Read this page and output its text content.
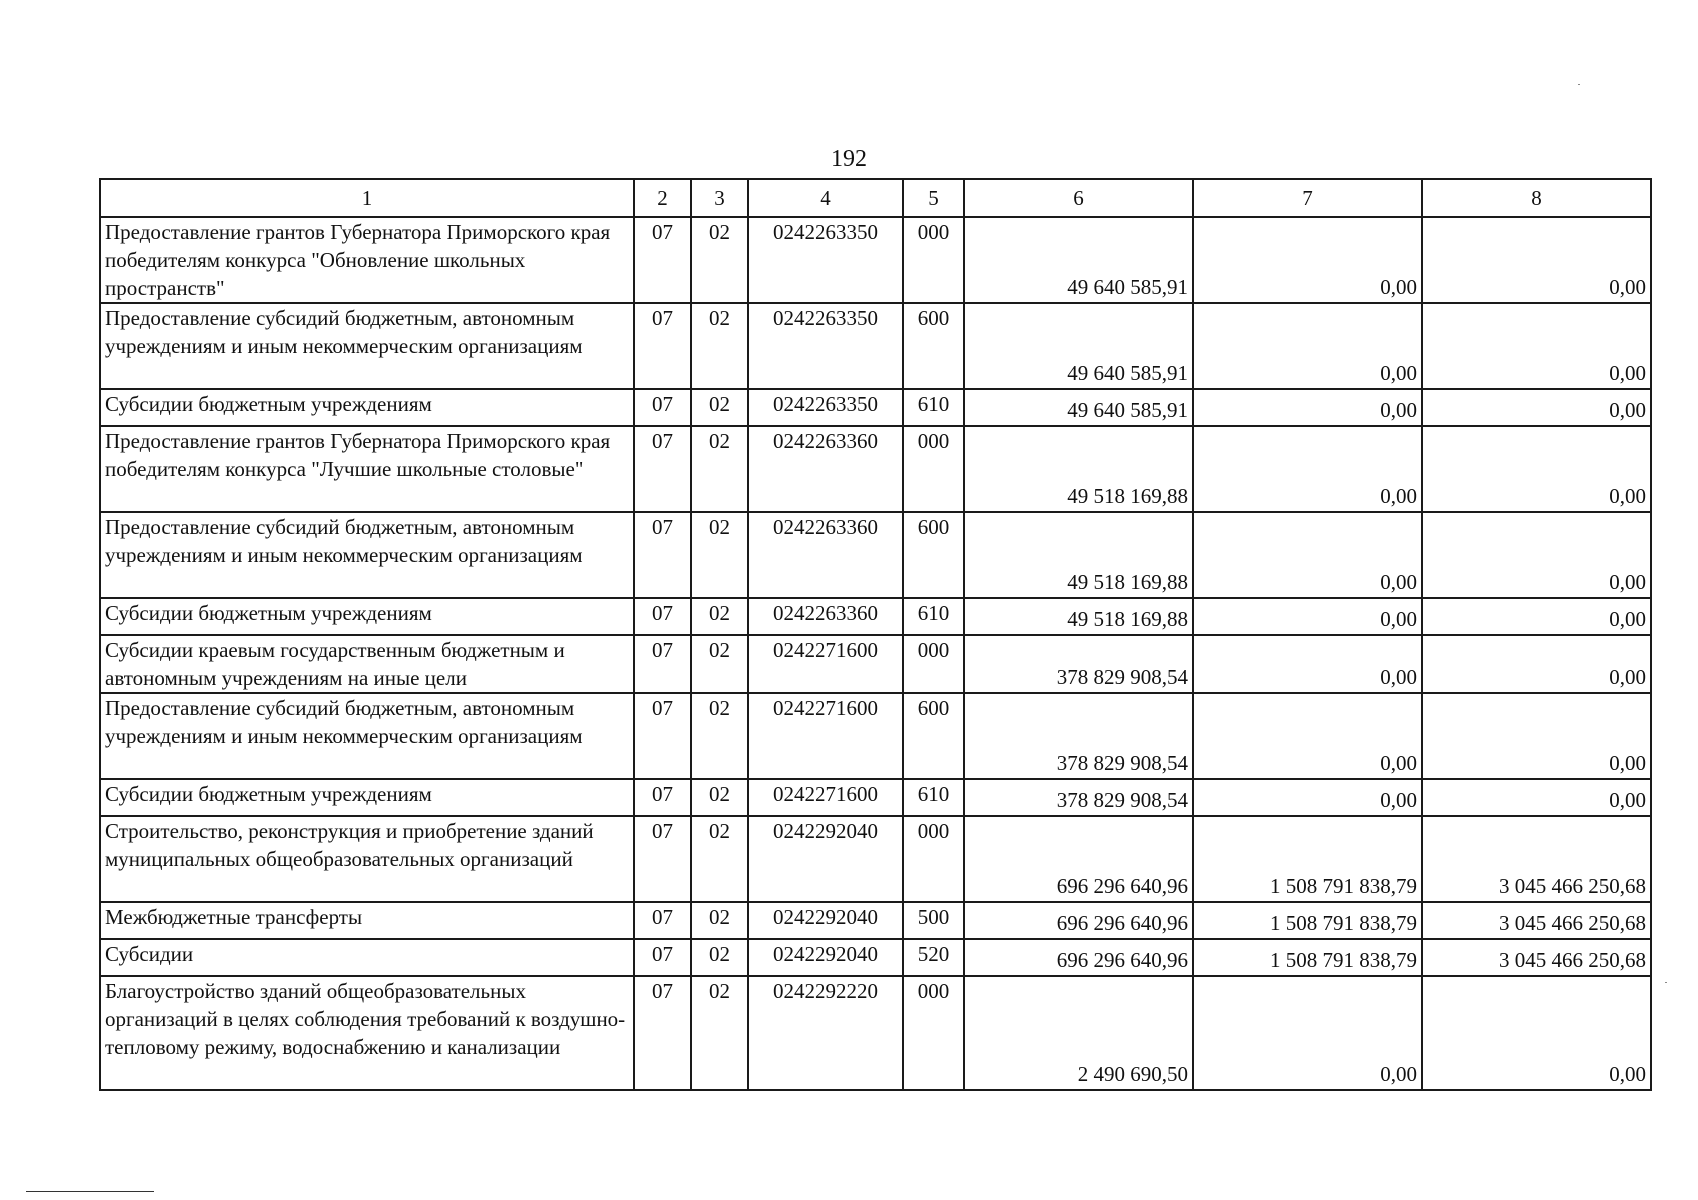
192
1	2	3	4	5	6	7	8
Предоставление грантов Губернатора Приморского края победителям конкурса "Обновление школьных пространств"	07	02	0242263350	000	49 640 585,91	0,00	0,00
Предоставление субсидий бюджетным, автономным учреждениям и иным некоммерческим организациям	07	02	0242263350	600	49 640 585,91	0,00	0,00
Субсидии бюджетным учреждениям	07	02	0242263350	610	49 640 585,91	0,00	0,00
Предоставление грантов Губернатора Приморского края победителям конкурса "Лучшие школьные столовые"	07	02	0242263360	000	49 518 169,88	0,00	0,00
Предоставление субсидий бюджетным, автономным учреждениям и иным некоммерческим организациям	07	02	0242263360	600	49 518 169,88	0,00	0,00
Субсидии бюджетным учреждениям	07	02	0242263360	610	49 518 169,88	0,00	0,00
Субсидии краевым государственным бюджетным и автономным учреждениям на иные цели	07	02	0242271600	000	378 829 908,54	0,00	0,00
Предоставление субсидий бюджетным, автономным учреждениям и иным некоммерческим организациям	07	02	0242271600	600	378 829 908,54	0,00	0,00
Субсидии бюджетным учреждениям	07	02	0242271600	610	378 829 908,54	0,00	0,00
Строительство, реконструкция и приобретение зданий муниципальных общеобразовательных организаций	07	02	0242292040	000	696 296 640,96	1 508 791 838,79	3 045 466 250,68
Межбюджетные трансферты	07	02	0242292040	500	696 296 640,96	1 508 791 838,79	3 045 466 250,68
Субсидии	07	02	0242292040	520	696 296 640,96	1 508 791 838,79	3 045 466 250,68
Благоустройство зданий общеобразовательных организаций в целях соблюдения требований к воздушно-тепловому режиму, водоснабжению и канализации	07	02	0242292220	000	2 490 690,50	0,00	0,00
